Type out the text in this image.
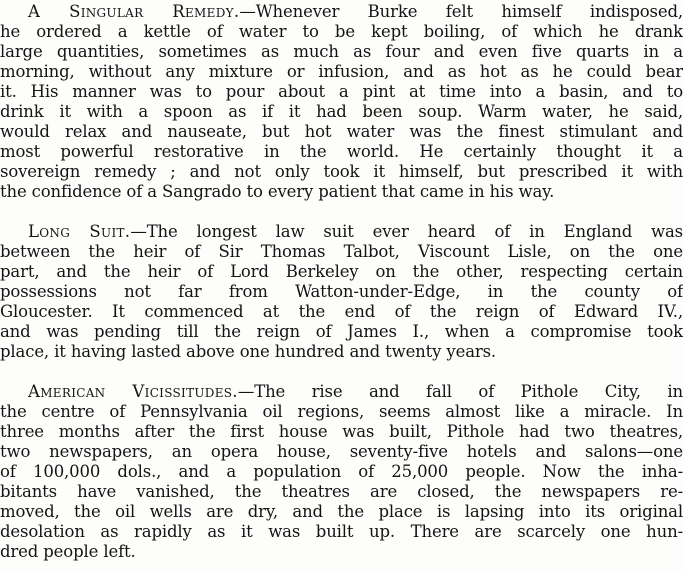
A Singular Remedy.—Whenever Burke felt himself indisposed,
he ordered a kettle of water to be kept boiling, of which he drank
large quantities, sometimes as much as four and even five quarts in a
morning, without any mixture or infusion, and as hot as he could bear
it. His manner was to pour about a pint at time into a basin, and to
drink it with a spoon as if it had been soup. Warm water, he said,
would relax and nauseate, but hot water was the finest stimulant and
most powerful restorative in the world. He certainly thought it a
sovereign remedy ; and not only took it himself, but prescribed it with
the confidence of a Sangrado to every patient that came in his way.
Long Suit.—The longest law suit ever heard of in England was
between the heir of Sir Thomas Talbot, Viscount Lisle, on the one
part, and the heir of Lord Berkeley on the other, respecting certain
possessions not far from Watton-under-Edge, in the county of
Gloucester. It commenced at the end of the reign of Edward IV.,
and was pending till the reign of James I., when a compromise took
place, it having lasted above one hundred and twenty years.
American Vicissitudes.—The rise and fall of Pithole City, in
the centre of Pennsylvania oil regions, seems almost like a miracle. In
three months after the first house was built, Pithole had two theatres,
two newspapers, an opera house, seventy-five hotels and salons—one
of 100,000 dols., and a population of 25,000 people. Now the inha-
bitants have vanished, the theatres are closed, the newspapers re-
moved, the oil wells are dry, and the place is lapsing into its original
desolation as rapidly as it was built up. There are scarcely one hun-
dred people left.
